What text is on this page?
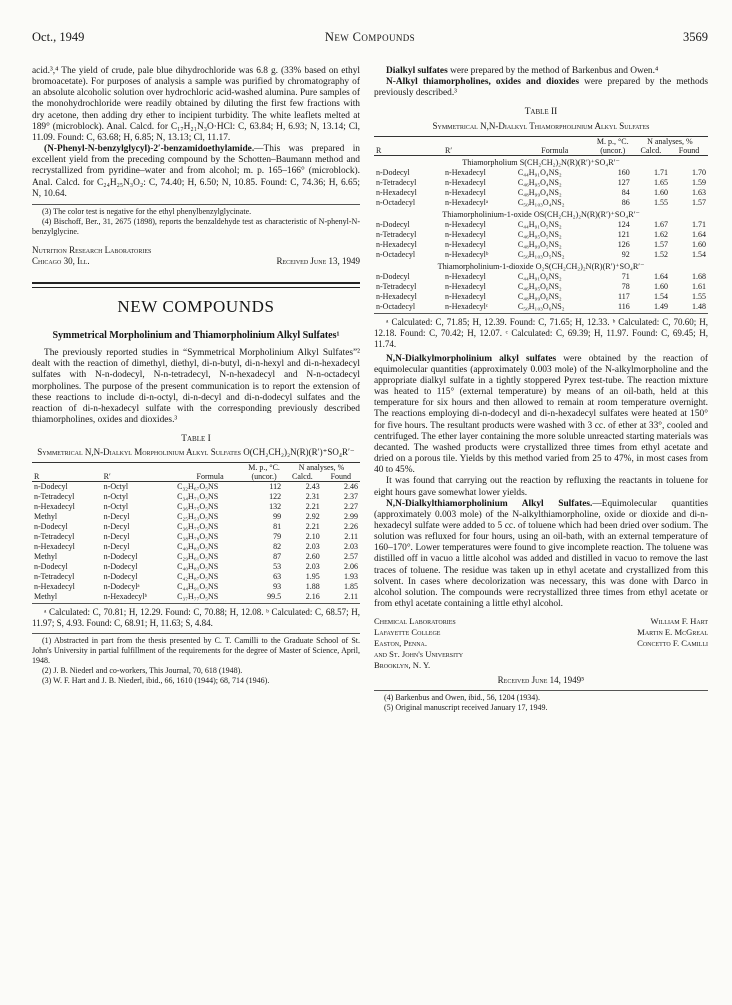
Oct., 1949	New Compounds	3569

acid.³,⁴ The yield of crude, pale blue dihydrochloride was 6.8 g. (33% based on ethyl bromoacetate). For purposes of analysis a sample was purified by chromatography of an absolute alcoholic solution over hydrochloric acid-washed alumina. Pure samples of the monohydrochloride were readily obtained by diluting the first few fractions with dry acetone, then adding dry ether to incipient turbidity. The white leaflets melted at 189° (microblock). Anal. Calcd. for C₁₇H₂₁N₃O·HCl: C, 63.84; H, 6.93; N, 13.14; Cl, 11.09. Found: C, 63.68; H, 6.85; N, 13.13; Cl, 11.17.

(N-Phenyl-N-benzylglycyl)-2′-benzamidoethylamide.—This was prepared in excellent yield from the preceding compound by the Schotten–Baumann method and recrystallized from pyridine–water and from alcohol; m. p. 165–166° (microblock). Anal. Calcd. for C₂₄H₂₅N₃O₂: C, 74.40; H, 6.50; N, 10.85. Found: C, 74.36; H, 6.65; N, 10.64.

(3) The color test is negative for the ethyl phenylbenzylglycinate.

(4) Bischoff, Ber., 31, 2675 (1898), reports the benzaldehyde test as characteristic of N-phenyl-N-benzylglycine.

Nutrition Research Laboratories
Chicago 30, Ill.	Received June 13, 1949
NEW COMPOUNDS
Symmetrical Morpholinium and Thiamorpholinium Alkyl Sulfates¹

The previously reported studies in “Symmetrical Morpholinium Alkyl Sulfates”² dealt with the reaction of dimethyl, diethyl, di-n-butyl, di-n-hexyl and di-n-hexadecyl sulfates with N-n-dodecyl, N-n-tetradecyl, N-n-hexadecyl and N-n-octadecyl morpholines. The purpose of the present communication is to report the extension of these reactions to include di-n-octyl, di-n-decyl and di-n-dodecyl sulfates and the reaction of di-n-hexadecyl sulfate with the corresponding previously described thiamorpholines, oxides and dioxides.³

Table I
Symmetrical N,N-Dialkyl Morpholinium Alkyl Sulfates O(CH₂CH₂)₂N(R)(R′)⁺SO₄R′⁻
R	R′	Formula	M. p., °C. (uncor.)	N analyses, %	
				Calcd.	Found
n-Dodecyl	n-Octyl	C₃₂H₆₇O₅NS	112	2.43	2.46
n-Tetradecyl	n-Octyl	C₃₄H₇₁O₅NS	122	2.31	2.37
n-Hexadecyl	n-Octyl	C₃₆H₇₅O₅NS	132	2.21	2.27
Methyl	n-Decyl	C₂₅H₅₃O₅NS	99	2.92	2.99
n-Dodecyl	n-Decyl	C₃₆H₇₅O₅NS	81	2.21	2.26
n-Tetradecyl	n-Decyl	C₃₈H₇₉O₅NS	79	2.10	2.11
n-Hexadecyl	n-Decyl	C₄₀H₈₃O₅NS	82	2.03	2.03
Methyl	n-Dodecyl	C₂₉H₆₁O₅NS	87	2.60	2.57
n-Dodecyl	n-Dodecyl	C₄₀H₈₃O₅NS	53	2.03	2.06
n-Tetradecyl	n-Dodecyl	C₄₂H₈₇O₅NS	63	1.95	1.93
n-Hexadecyl	n-Dodecylᵃ	C₄₄H₉₁O₅NS	93	1.88	1.85
Methyl	n-Hexadecylᵇ	C₃₇H₇₇O₅NS	99.5	2.16	2.11

ᵃ Calculated: C, 70.81; H, 12.29. Found: C, 70.88; H, 12.08. ᵇ Calculated: C, 68.57; H, 11.97; S, 4.93. Found: C, 68.91; H, 11.63; S, 4.84.

(1) Abstracted in part from the thesis presented by C. T. Camilli to the Graduate School of St. John's University in partial fulfillment of the requirements for the degree of Master of Science, April, 1948.

(2) J. B. Niederl and co-workers, This Journal, 70, 618 (1948).

(3) W. F. Hart and J. B. Niederl, ibid., 66, 1610 (1944); 68, 714 (1946).

Dialkyl sulfates were prepared by the method of Barkenbus and Owen.⁴

N-Alkyl thiamorpholines, oxides and dioxides were prepared by the methods previously described.³

Table II
Symmetrical N,N-Dialkyl Thiamorpholinium Alkyl Sulfates
R	R′	Formula	M. p., °C. (uncor.)	N analyses, %	
				Calcd.	Found
Thiamorpholium S(CH₂CH₂)₂N(R)(R′)⁺SO₄R′⁻					
n-Dodecyl	n-Hexadecyl	C₄₄H₉₁O₄NS₂	160	1.71	1.70
n-Tetradecyl	n-Hexadecyl	C₄₆H₉₅O₄NS₂	127	1.65	1.59
n-Hexadecyl	n-Hexadecyl	C₄₈H₉₉O₄NS₂	84	1.60	1.63
n-Octadecyl	n-Hexadecylᵃ	C₅₀H₁₀₃O₄NS₂	86	1.55	1.57
Thiamorpholinium-1-oxide OS(CH₂CH₂)₂N(R)(R′)⁺SO₄R′⁻					
n-Dodecyl	n-Hexadecyl	C₄₄H₉₁O₅NS₂	124	1.67	1.71
n-Tetradecyl	n-Hexadecyl	C₄₆H₉₅O₅NS₂	121	1.62	1.64
n-Hexadecyl	n-Hexadecyl	C₄₈H₉₉O₅NS₂	126	1.57	1.60
n-Octadecyl	n-Hexadecylᵇ	C₅₀H₁₀₃O₅NS₂	92	1.52	1.54
Thiamorpholinium-1-dioxide O₂S(CH₂CH₂)₂N(R)(R′)⁺SO₄R′⁻					
n-Dodecyl	n-Hexadecyl	C₄₄H₉₁O₆NS₂	71	1.64	1.68
n-Tetradecyl	n-Hexadecyl	C₄₆H₉₅O₆NS₂	78	1.60	1.61
n-Hexadecyl	n-Hexadecyl	C₄₈H₉₉O₆NS₂	117	1.54	1.55
n-Octadecyl	n-Hexadecylᶜ	C₅₀H₁₀₃O₆NS₂	116	1.49	1.48

ᵃ Calculated: C, 71.85; H, 12.39. Found: C, 71.65; H, 12.33. ᵇ Calculated: C, 70.60; H, 12.18. Found: C, 70.42; H, 12.07. ᶜ Calculated: C, 69.39; H, 11.97. Found: C, 69.45; H, 11.74.

N,N-Dialkylmorpholinium alkyl sulfates were obtained by the reaction of equimolecular quantities (approximately 0.003 mole) of the N-alkylmorpholine and the appropriate dialkyl sulfate in a tightly stoppered Pyrex test-tube. The reaction mixture was heated to 115° (external temperature) by means of an oil-bath, held at this temperature for six hours and then allowed to remain at room temperature overnight. The reactions employing di-n-dodecyl and di-n-hexadecyl sulfates were heated at 150° for five hours. The resultant products were washed with 3 cc. of ether at 33°, cooled and centrifuged. The ether layer containing the more soluble unreacted starting materials was decanted. The washed products were crystallized three times from ethyl acetate and dried on a porous tile. Yields by this method varied from 25 to 47%, in most cases from 40 to 45%.

It was found that carrying out the reaction by refluxing the reactants in toluene for eight hours gave somewhat lower yields.

N,N-Dialkylthiamorpholinium Alkyl Sulfates.—Equimolecular quantities (approximately 0.003 mole) of the N-alkylthiamorpholine, oxide or dioxide and di-n-hexadecyl sulfate were added to 5 cc. of toluene which had been dried over sodium. The solution was refluxed for four hours, using an oil-bath, with an external temperature of 160–170°. Lower temperatures were found to give incomplete reaction. The toluene was distilled off in vacuo a little alcohol was added and distilled in vacuo to remove the last traces of toluene. The residue was taken up in ethyl acetate and crystallized from this solvent. In cases where decolorization was necessary, this was done with Darco in alcohol solution. The compounds were recrystallized three times from ethyl acetate or from ethyl acetate containing a little ethyl alcohol.

Chemical Laboratories
Lafayette College
Easton, Penna.
and St. John's University
Brooklyn, N. Y.
William F. Hart
Martin E. McGreal
Concetto F. Camilli
Received June 14, 1949⁵

(4) Barkenbus and Owen, ibid., 56, 1204 (1934).

(5) Original manuscript received January 17, 1949.
